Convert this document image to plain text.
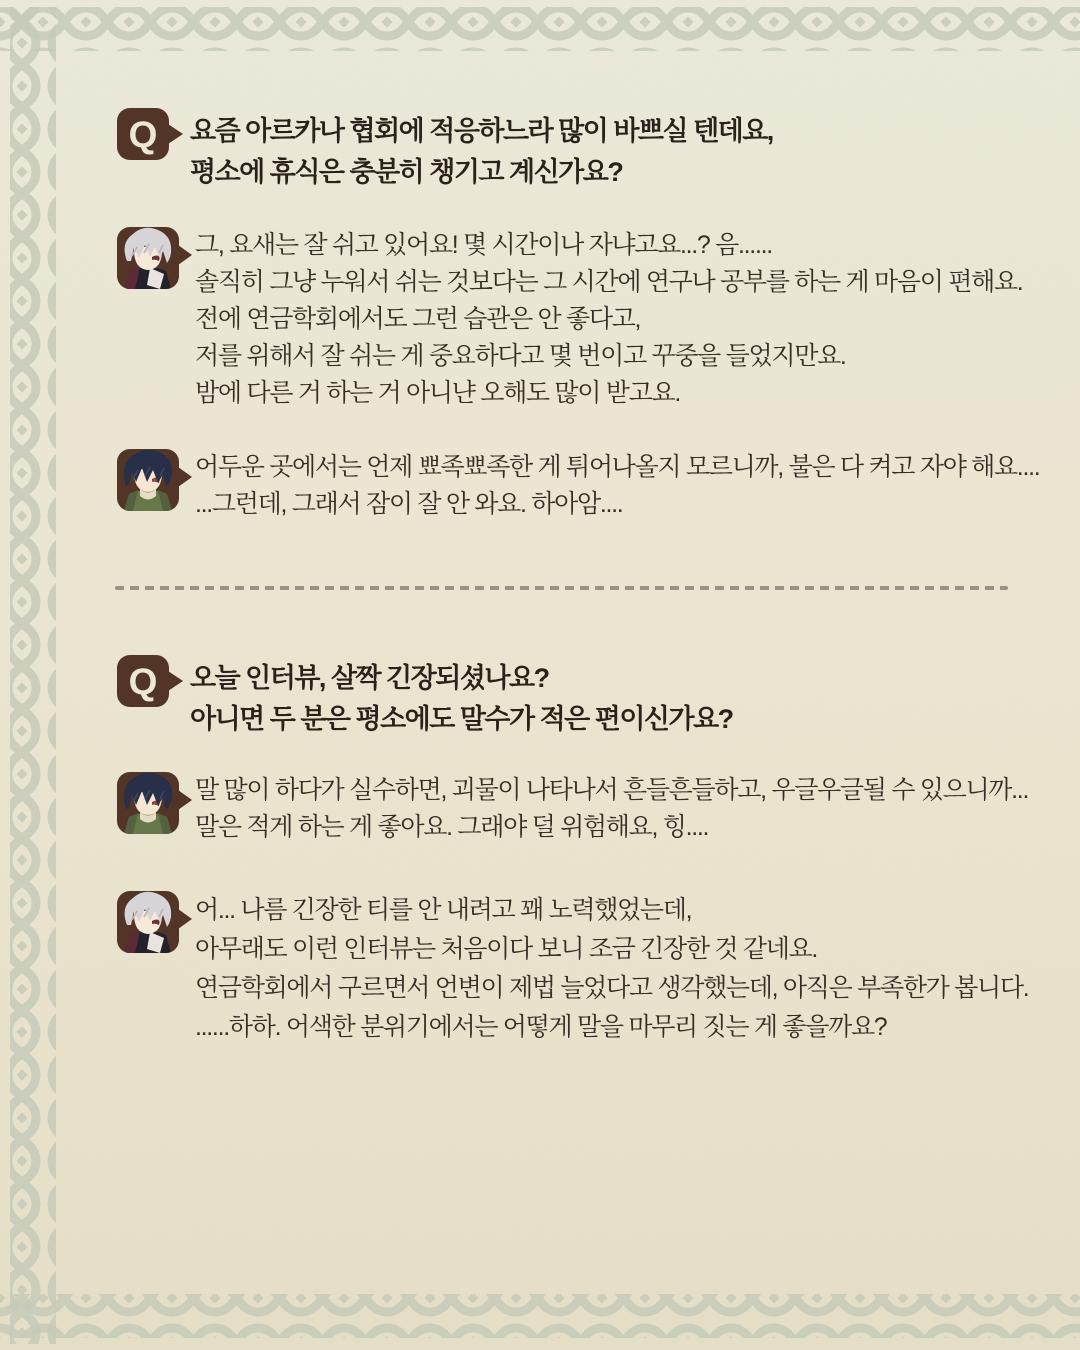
요즘 아르카나 협회에 적응하느라 많이 바쁘실 텐데요,
평소에 휴식은 충분히 챙기고 계신가요?
그, 요새는 잘 쉬고 있어요! 몇 시간이나 자냐고요...? 음......
솔직히 그냥 누워서 쉬는 것보다는 그 시간에 연구나 공부를 하는 게 마음이 편해요.
전에 연금학회에서도 그런 습관은 안 좋다고,
저를 위해서 잘 쉬는 게 중요하다고 몇 번이고 꾸중을 들었지만요.
밤에 다른 거 하는 거 아니냔 오해도 많이 받고요.
어두운 곳에서는 언제 뾰족뾰족한 게 튀어나올지 모르니까, 불은 다 켜고 자야 해요....
...그런데, 그래서 잠이 잘 안 와요. 하아암....
오늘 인터뷰, 살짝 긴장되셨나요?
아니면 두 분은 평소에도 말수가 적은 편이신가요?
말 많이 하다가 실수하면, 괴물이 나타나서 흔들흔들하고, 우글우글될 수 있으니까...
말은 적게 하는 게 좋아요. 그래야 덜 위험해요, 힝....
어... 나름 긴장한 티를 안 내려고 꽤 노력했었는데,
아무래도 이런 인터뷰는 처음이다 보니 조금 긴장한 것 같네요.
연금학회에서 구르면서 언변이 제법 늘었다고 생각했는데, 아직은 부족한가 봅니다.
......하하. 어색한 분위기에서는 어떻게 말을 마무리 짓는 게 좋을까요?
